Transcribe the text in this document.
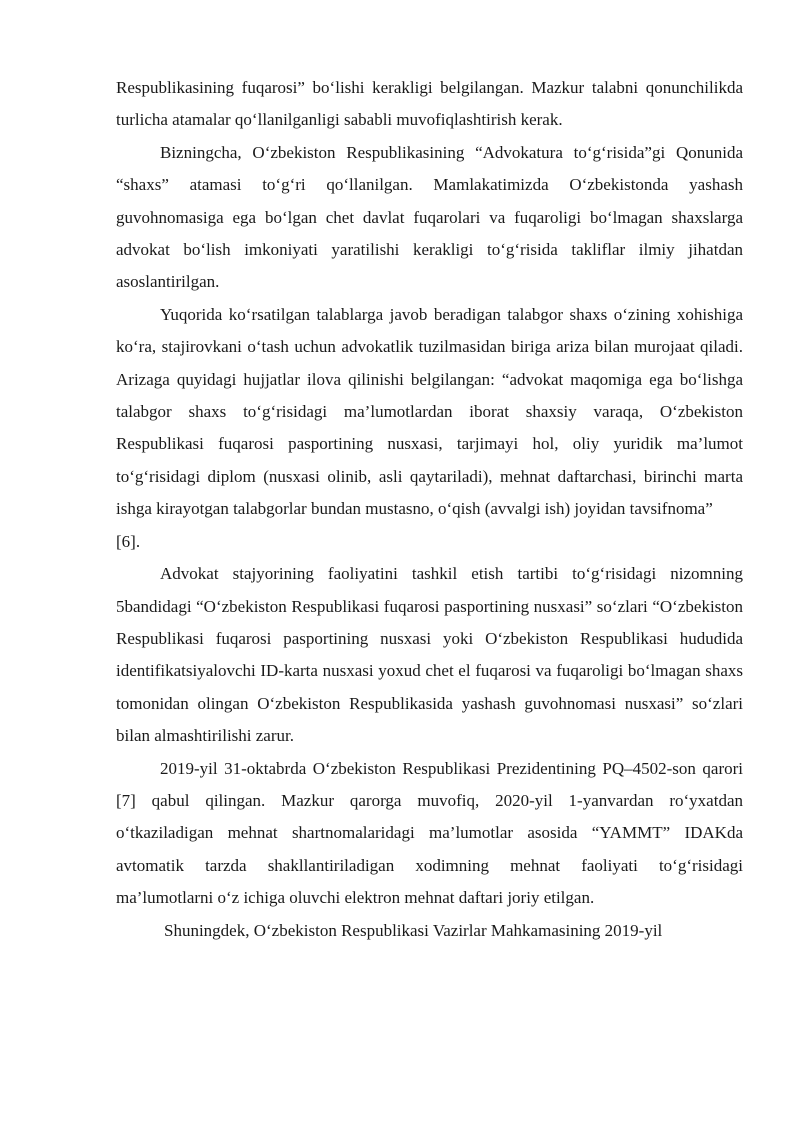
Respublikasining fuqarosi” bo‘lishi kerakligi belgilangan. Mazkur talabni qonunchilikda turlicha atamalar qo‘llanilganligi sababli muvofiqlashtirish kerak.

Bizningcha, O‘zbekiston Respublikasining “Advokatura to‘g‘risida”gi Qonunida “shaxs” atamasi to‘g‘ri qo‘llanilgan. Mamlakatimizda O‘zbekistonda yashash guvohnomasiga ega bo‘lgan chet davlat fuqarolari va fuqaroligi bo‘lmagan shaxslarga advokat bo‘lish imkoniyati yaratilishi kerakligi to‘g‘risida takliflar ilmiy jihatdan asoslantirilgan.

Yuqorida ko‘rsatilgan talablarga javob beradigan talabgor shaxs o‘zining xohishiga ko‘ra, stajirovkani o‘tash uchun advokatlik tuzilmasidan biriga ariza bilan murojaat qiladi. Arizaga quyidagi hujjatlar ilova qilinishi belgilangan: “advokat maqomiga ega bo‘lishga talabgor shaxs to‘g‘risidagi ma’lumotlardan iborat shaxsiy varaqa, O‘zbekiston Respublikasi fuqarosi pasportining nusxasi, tarjimayi hol, oliy yuridik ma’lumot to‘g‘risidagi diplom (nusxasi olinib, asli qaytariladi), mehnat daftarchasi, birinchi marta ishga kirayotgan talabgorlar bundan mustasno, o‘qish (avvalgi ish) joyidan tavsifnoma”

[6].

Advokat stajyorining faoliyatini tashkil etish tartibi to‘g‘risidagi nizomning 5bandidagi “O‘zbekiston Respublikasi fuqarosi pasportining nusxasi” so‘zlari “O‘zbekiston Respublikasi fuqarosi pasportining nusxasi yoki O‘zbekiston Respublikasi hududida identifikatsiyalovchi ID-karta nusxasi yoxud chet el fuqarosi va fuqaroligi bo‘lmagan shaxs tomonidan olingan O‘zbekiston Respublikasida yashash guvohnomasi nusxasi” so‘zlari bilan almashtirilishi zarur.

2019-yil 31-oktabrda O‘zbekiston Respublikasi Prezidentining PQ–4502-son qarori [7] qabul qilingan. Mazkur qarorga muvofiq, 2020-yil 1-yanvardan ro‘yxatdan o‘tkaziladigan mehnat shartnomalaridagi ma’lumotlar asosida “YAMMT” IDAKda avtomatik tarzda shakllantiriladigan xodimning mehnat faoliyati to‘g‘risidagi ma’lumotlarni o‘z ichiga oluvchi elektron mehnat daftari joriy etilgan.

Shuningdek, O‘zbekiston Respublikasi Vazirlar Mahkamasining 2019-yil
